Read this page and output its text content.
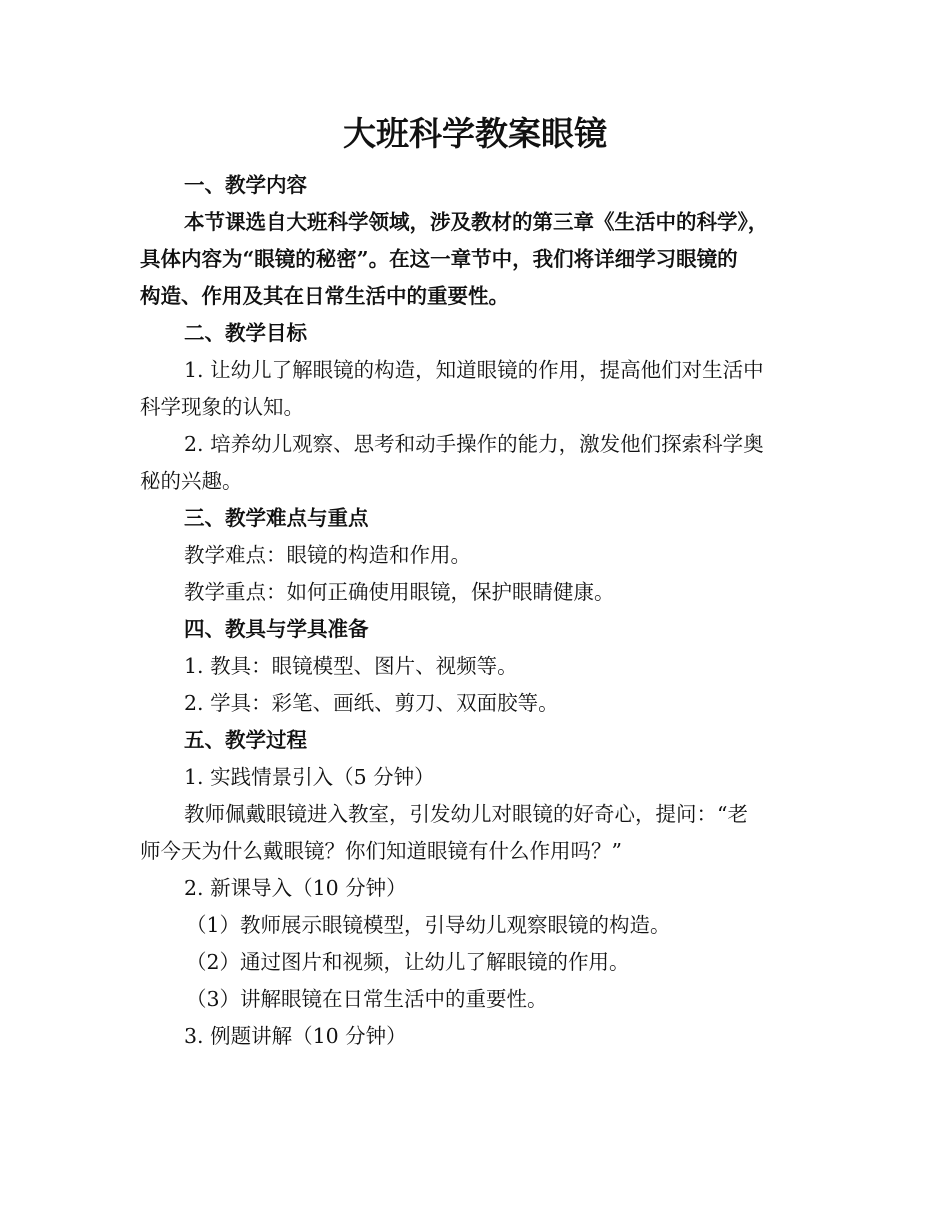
大班科学教案眼镜
一、教学内容
本节课选自大班科学领域，涉及教材的第三章《生活中的科学》，
具体内容为“眼镜的秘密”。在这一章节中，我们将详细学习眼镜的
构造、作用及其在日常生活中的重要性。
二、教学目标
1. 让幼儿了解眼镜的构造，知道眼镜的作用，提高他们对生活中
科学现象的认知。
2. 培养幼儿观察、思考和动手操作的能力，激发他们探索科学奥
秘的兴趣。
三、教学难点与重点
教学难点：眼镜的构造和作用。
教学重点：如何正确使用眼镜，保护眼睛健康。
四、教具与学具准备
1. 教具：眼镜模型、图片、视频等。
2. 学具：彩笔、画纸、剪刀、双面胶等。
五、教学过程
1. 实践情景引入（5 分钟）
教师佩戴眼镜进入教室，引发幼儿对眼镜的好奇心，提问：“老
师今天为什么戴眼镜？你们知道眼镜有什么作用吗？”
2. 新课导入（10 分钟）
（1）教师展示眼镜模型，引导幼儿观察眼镜的构造。
（2）通过图片和视频，让幼儿了解眼镜的作用。
（3）讲解眼镜在日常生活中的重要性。
3. 例题讲解（10 分钟）
